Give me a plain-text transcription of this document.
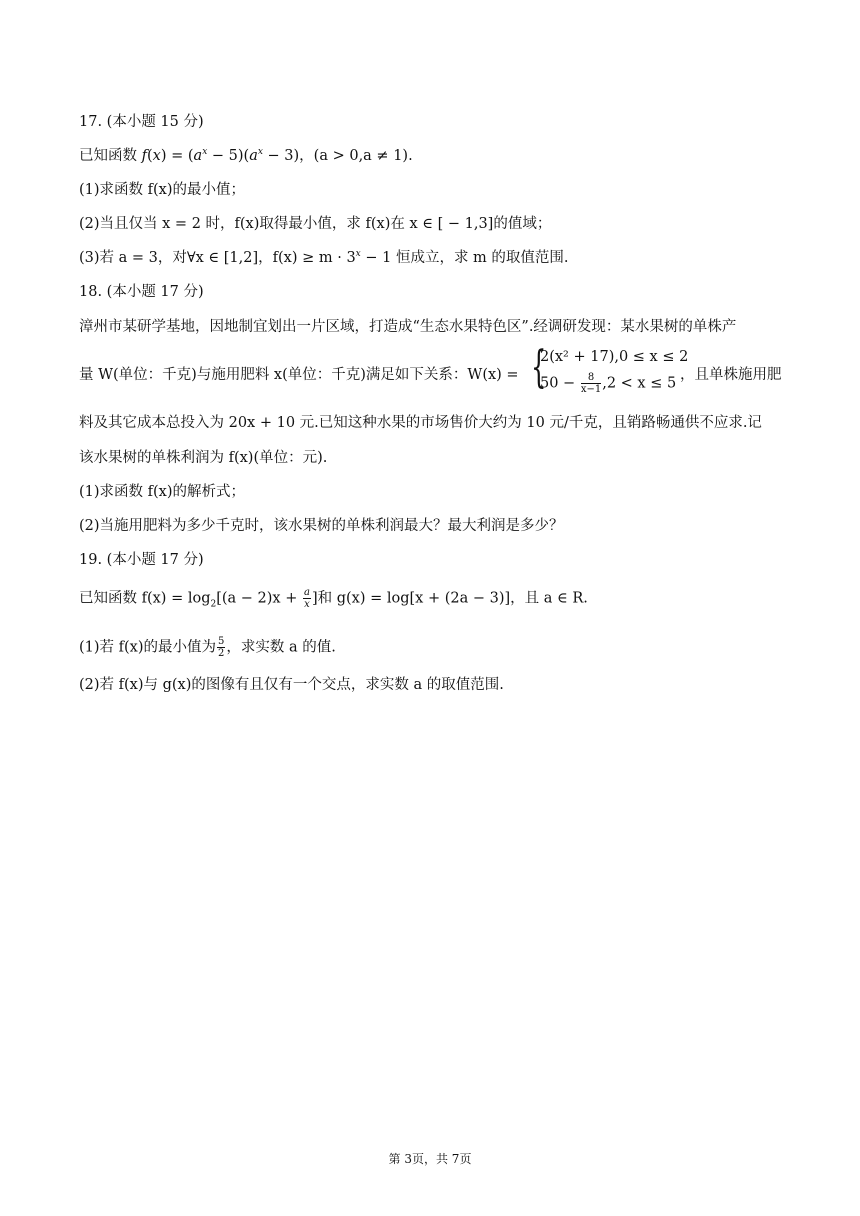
17. (本小题 15 分)
已知函数 $f(x) = (a^x - 5)(a^x - 3)$，(a > 0,a ≠ 1).
(1)求函数 f(x)的最小值；
(2)当且仅当 x = 2 时，f(x)取得最小值，求 f(x)在 x ∈ [ − 1,3]的值域；
(3)若 a = 3，对∀x ∈ [1,2]，$f(x) \ge m \cdot 3^x - 1$ 恒成立，求 m 的取值范围.
18. (本小题 17 分)
漳州市某研学基地，因地制宜划出一片区域，打造成“生态水果特色区”.经调研发现：某水果树的单株产
量 W(单位：千克)与施用肥料 x(单位：千克)满足如下关系：W(x) = {
2(x² + 17),0 ≤ x ≤ 2
$50 - \frac{8}{x-1} ,2 < x \le 5$
，且单株施用肥
料及其它成本总投入为 20x + 10 元.已知这种水果的市场售价大约为 10 元/千克，且销路畅通供不应求.记
该水果树的单株利润为 f(x)(单位：元).
(1)求函数 f(x)的解析式；
(2)当施用肥料为多少千克时，该水果树的单株利润最大？最大利润是多少？
19. (本小题 17 分)
已知函数 $f(x) = \log_2[(a - 2)x + \frac{a}{x}$ ]和 g(x) = log[x + (2a − 3)]，且 a ∈ R.
(1)若 f(x)的最小值为 $\frac{5}{2}$ ，求实数 a 的值.
(2)若 f(x)与 g(x)的图像有且仅有一个交点，求实数 a 的取值范围.
第 3页，共 7页
